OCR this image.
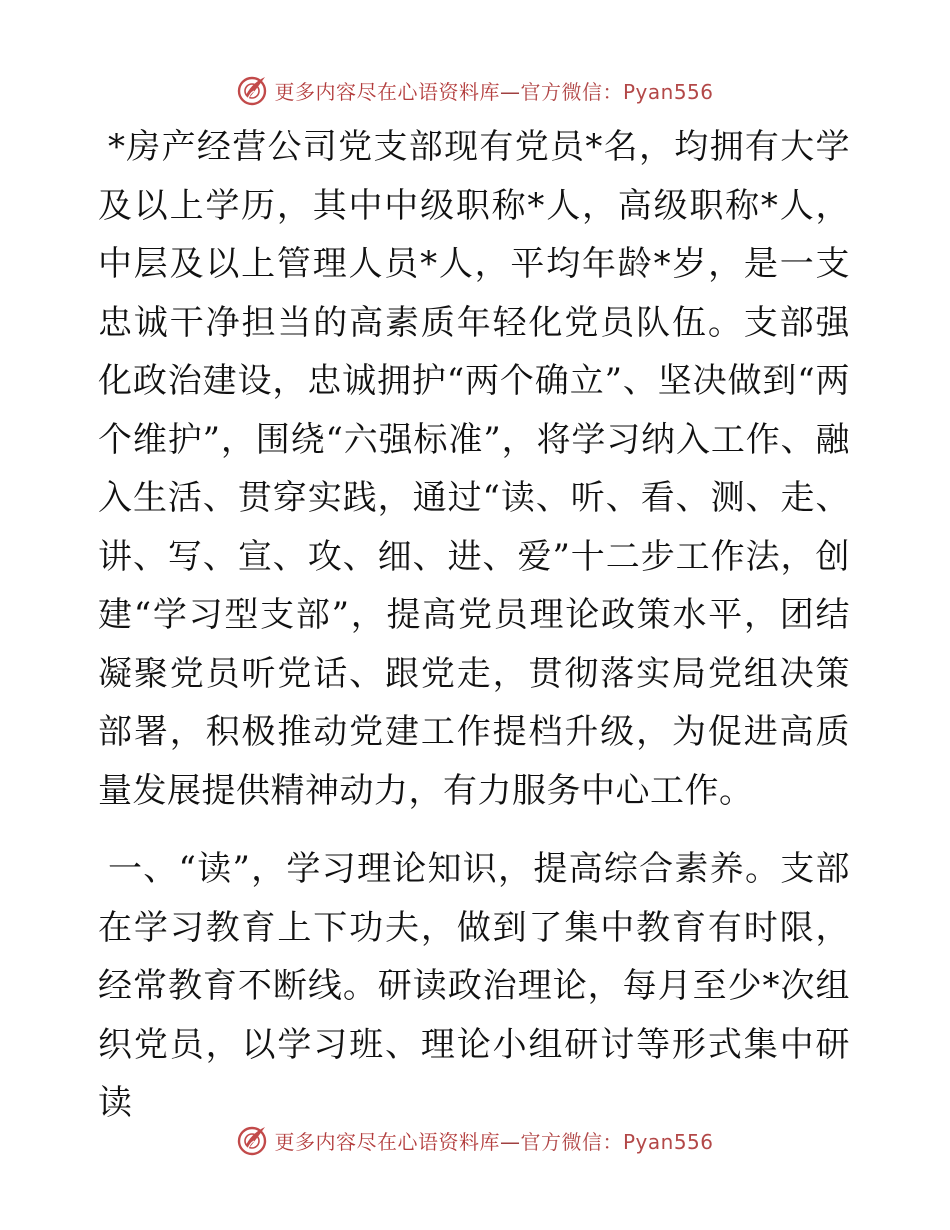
更多内容尽在心语资料库—官方微信：Pyan556

*房产经营公司党支部现有党员*名，均拥有大学及以上学历，其中中级职称*人，高级职称*人，中层及以上管理人员*人，平均年龄*岁，是一支忠诚干净担当的高素质年轻化党员队伍。支部强化政治建设，忠诚拥护“两个确立”、坚决做到“两个维护”，围绕“六强标准”，将学习纳入工作、融入生活、贯穿实践，通过“读、听、看、测、走、讲、写、宣、攻、细、进、爱”十二步工作法，创建“学习型支部”，提高党员理论政策水平，团结凝聚党员听党话、跟党走，贯彻落实局党组决策部署，积极推动党建工作提档升级，为促进高质量发展提供精神动力，有力服务中心工作。

一、“读”，学习理论知识，提高综合素养。支部在学习教育上下功夫，做到了集中教育有时限，经常教育不断线。研读政治理论，每月至少*次组织党员，以学习班、理论小组研讨等形式集中研读

更多内容尽在心语资料库—官方微信：Pyan556
